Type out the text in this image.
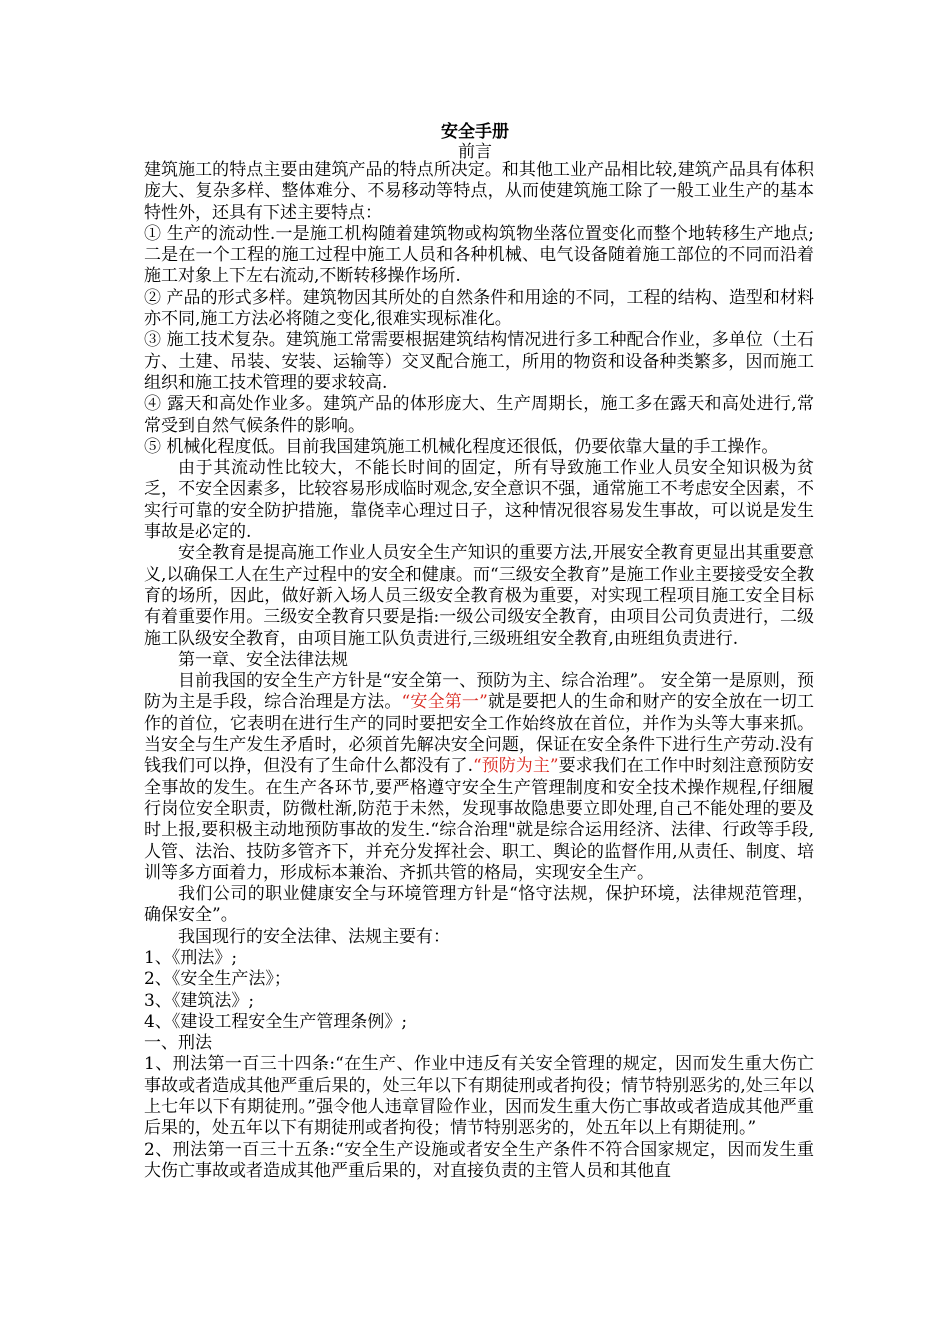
安全手册
前言

建筑施工的特点主要由建筑产品的特点所决定。和其他工业产品相比较,建筑产品具有体积庞大、复杂多样、整体难分、不易移动等特点，从而使建筑施工除了一般工业生产的基本特性外，还具有下述主要特点：

① 生产的流动性.一是施工机构随着建筑物或构筑物坐落位置变化而整个地转移生产地点;二是在一个工程的施工过程中施工人员和各种机械、电气设备随着施工部位的不同而沿着施工对象上下左右流动,不断转移操作场所.

② 产品的形式多样。建筑物因其所处的自然条件和用途的不同，工程的结构、造型和材料亦不同,施工方法必将随之变化,很难实现标准化。

③ 施工技术复杂。建筑施工常需要根据建筑结构情况进行多工种配合作业，多单位（土石方、土建、吊装、安装、运输等）交叉配合施工，所用的物资和设备种类繁多，因而施工组织和施工技术管理的要求较高.

④ 露天和高处作业多。建筑产品的体形庞大、生产周期长，施工多在露天和高处进行,常常受到自然气候条件的影响。

⑤ 机械化程度低。目前我国建筑施工机械化程度还很低，仍要依靠大量的手工操作。

由于其流动性比较大，不能长时间的固定，所有导致施工作业人员安全知识极为贫乏，不安全因素多，比较容易形成临时观念,安全意识不强，通常施工不考虑安全因素，不实行可靠的安全防护措施，靠侥幸心理过日子，这种情况很容易发生事故，可以说是发生事故是必定的.

安全教育是提高施工作业人员安全生产知识的重要方法,开展安全教育更显出其重要意义,以确保工人在生产过程中的安全和健康。而“三级安全教育”是施工作业主要接受安全教育的场所，因此，做好新入场人员三级安全教育极为重要，对实现工程项目施工安全目标有着重要作用。三级安全教育只要是指:一级公司级安全教育，由项目公司负责进行，二级施工队级安全教育，由项目施工队负责进行,三级班组安全教育,由班组负责进行.

第一章、安全法律法规

目前我国的安全生产方针是“安全第一、预防为主、综合治理”。 安全第一是原则，预防为主是手段，综合治理是方法。“安全第一”就是要把人的生命和财产的安全放在一切工作的首位，它表明在进行生产的同时要把安全工作始终放在首位，并作为头等大事来抓。当安全与生产发生矛盾时，必须首先解决安全问题，保证在安全条件下进行生产劳动.没有钱我们可以挣，但没有了生命什么都没有了.“预防为主”要求我们在工作中时刻注意预防安全事故的发生。在生产各环节,要严格遵守安全生产管理制度和安全技术操作规程,仔细履行岗位安全职责，防微杜渐,防范于未然，发现事故隐患要立即处理,自己不能处理的要及时上报,要积极主动地预防事故的发生.“综合治理"就是综合运用经济、法律、行政等手段,人管、法治、技防多管齐下，并充分发挥社会、职工、舆论的监督作用,从责任、制度、培训等多方面着力，形成标本兼治、齐抓共管的格局，实现安全生产。

我们公司的职业健康安全与环境管理方针是“恪守法规，保护环境，法律规范管理，确保安全”。

我国现行的安全法律、法规主要有：

1、《刑法》;

2、《安全生产法》；

3、《建筑法》;

4、《建设工程安全生产管理条例》;

一、刑法

1、刑法第一百三十四条:“在生产、作业中违反有关安全管理的规定，因而发生重大伤亡事故或者造成其他严重后果的，处三年以下有期徒刑或者拘役；情节特别恶劣的,处三年以上七年以下有期徒刑。”强令他人违章冒险作业，因而发生重大伤亡事故或者造成其他严重后果的，处五年以下有期徒刑或者拘役；情节特别恶劣的，处五年以上有期徒刑。”

2、刑法第一百三十五条:“安全生产设施或者安全生产条件不符合国家规定，因而发生重大伤亡事故或者造成其他严重后果的，对直接负责的主管人员和其他直
